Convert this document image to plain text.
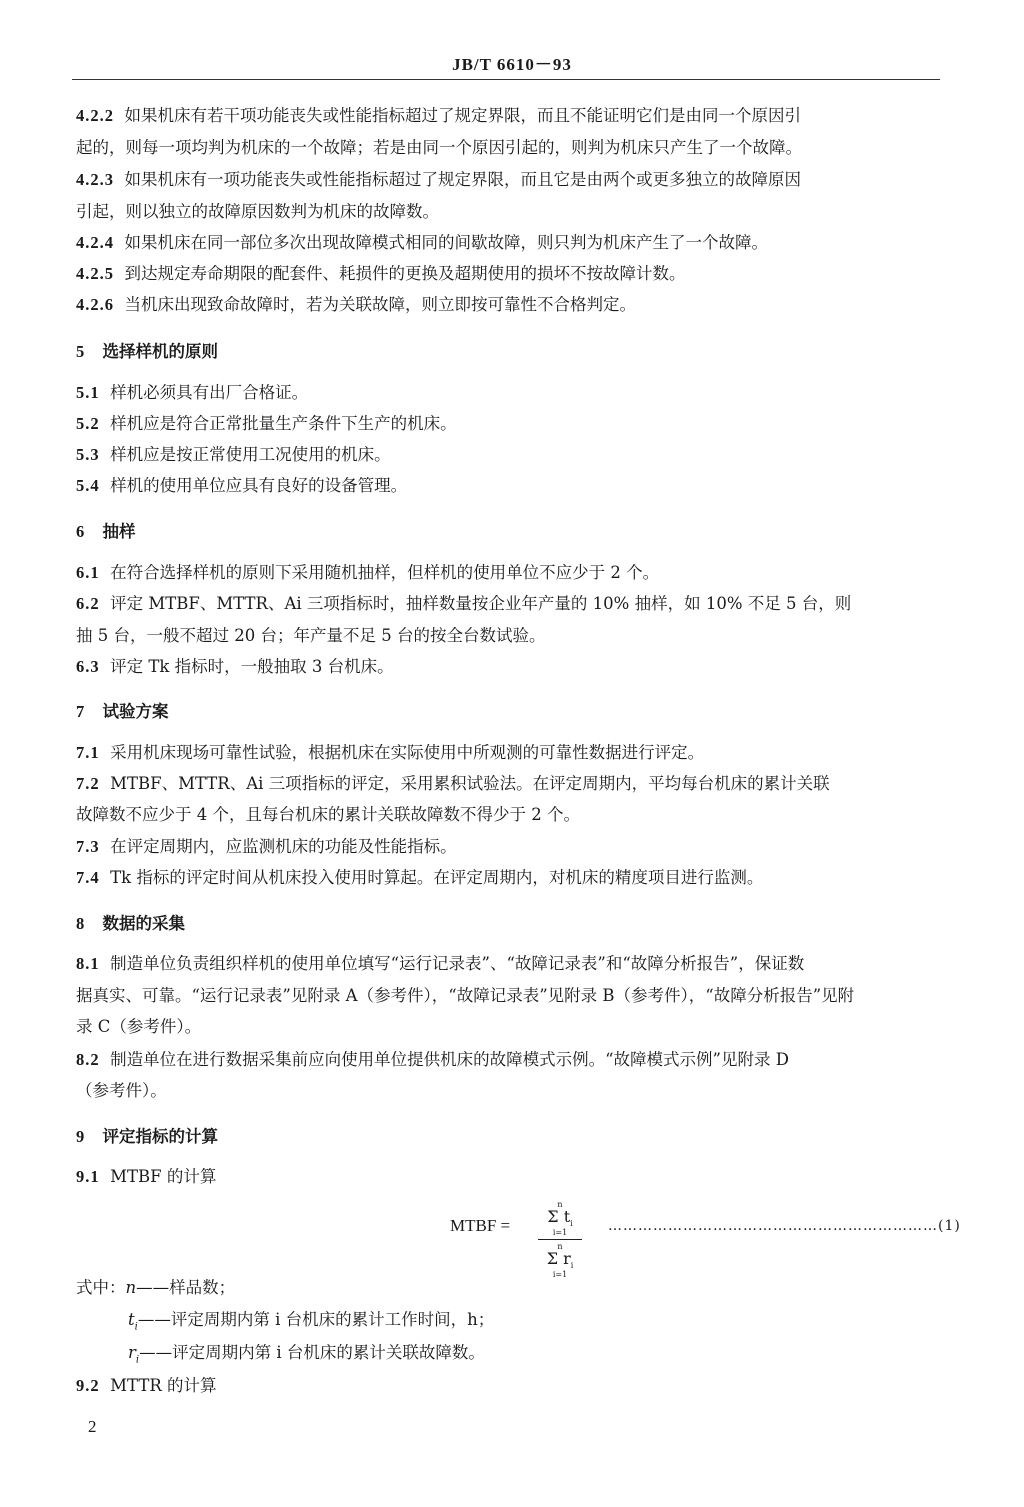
JB/T 6610－93
4.2.2 如果机床有若干项功能丧失或性能指标超过了规定界限，而且不能证明它们是由同一个原因引
起的，则每一项均判为机床的一个故障；若是由同一个原因引起的，则判为机床只产生了一个故障。
4.2.3 如果机床有一项功能丧失或性能指标超过了规定界限，而且它是由两个或更多独立的故障原因
引起，则以独立的故障原因数判为机床的故障数。
4.2.4 如果机床在同一部位多次出现故障模式相同的间歇故障，则只判为机床产生了一个故障。
4.2.5 到达规定寿命期限的配套件、耗损件的更换及超期使用的损坏不按故障计数。
4.2.6 当机床出现致命故障时，若为关联故障，则立即按可靠性不合格判定。
5 选择样机的原则
5.1 样机必须具有出厂合格证。
5.2 样机应是符合正常批量生产条件下生产的机床。
5.3 样机应是按正常使用工况使用的机床。
5.4 样机的使用单位应具有良好的设备管理。
6 抽样
6.1 在符合选择样机的原则下采用随机抽样，但样机的使用单位不应少于 2 个。
6.2 评定 MTBF、MTTR、Ai 三项指标时，抽样数量按企业年产量的 10% 抽样，如 10% 不足 5 台，则
抽 5 台，一般不超过 20 台；年产量不足 5 台的按全台数试验。
6.3 评定 Tk 指标时，一般抽取 3 台机床。
7 试验方案
7.1 采用机床现场可靠性试验，根据机床在实际使用中所观测的可靠性数据进行评定。
7.2 MTBF、MTTR、Ai 三项指标的评定，采用累积试验法。在评定周期内，平均每台机床的累计关联
故障数不应少于 4 个，且每台机床的累计关联故障数不得少于 2 个。
7.3 在评定周期内，应监测机床的功能及性能指标。
7.4 Tk 指标的评定时间从机床投入使用时算起。在评定周期内，对机床的精度项目进行监测。
8 数据的采集
8.1 制造单位负责组织样机的使用单位填写“运行记录表”、“故障记录表”和“故障分析报告”，保证数
据真实、可靠。“运行记录表”见附录 A（参考件），“故障记录表”见附录 B（参考件），“故障分析报告”见附
录 C（参考件）。
8.2 制造单位在进行数据采集前应向使用单位提供机床的故障模式示例。“故障模式示例”见附录 D
（参考件）。
9 评定指标的计算
9.1 MTBF 的计算
MTBF =
n
Σ $t_i$
i=1
n
Σ $r_i$
i=1
…………………………………………………………(1)
式中：n——样品数；
$t_i——$评定周期内第 i 台机床的累计工作时间，h；
$r_i——$评定周期内第 i 台机床的累计关联故障数。
9.2 MTTR 的计算
2
